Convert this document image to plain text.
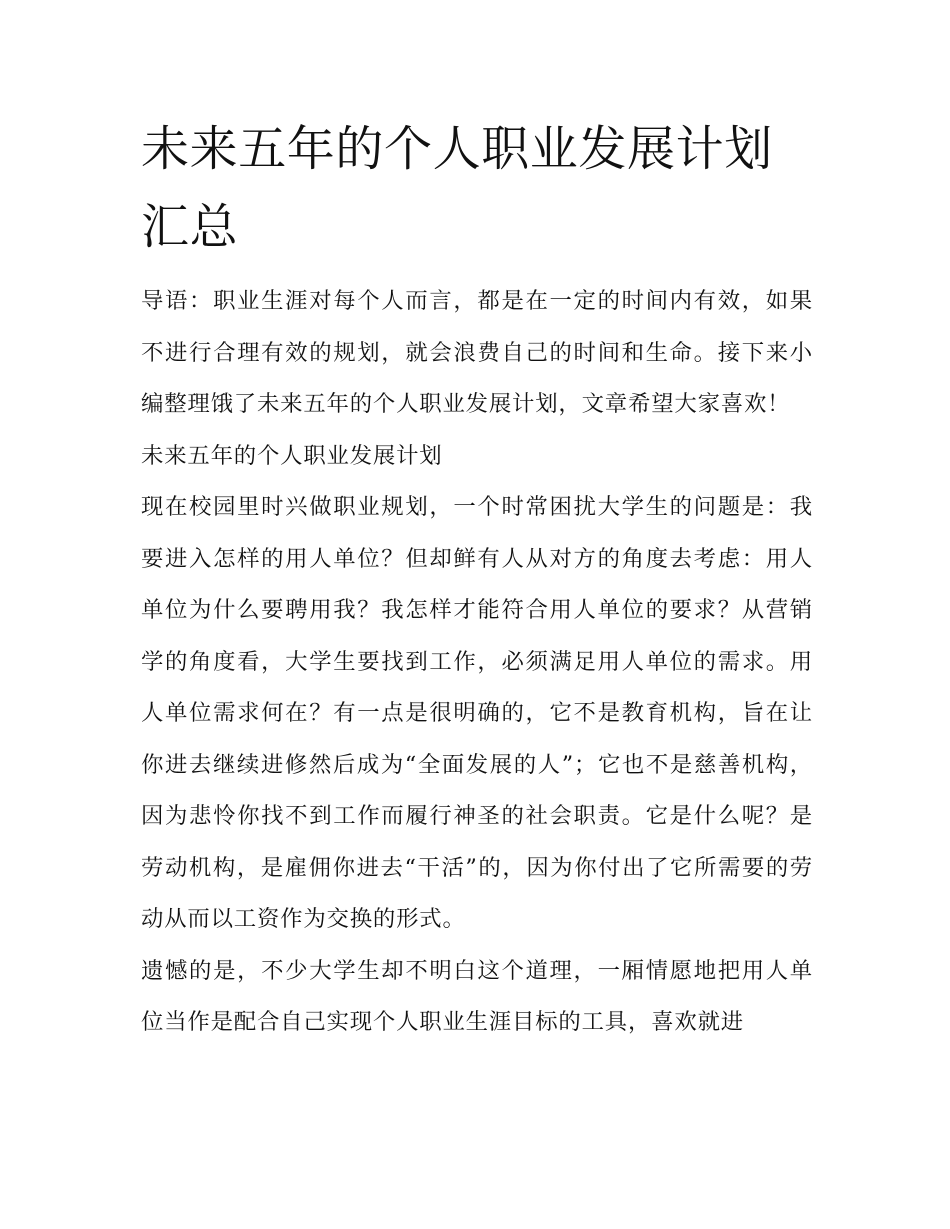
未来五年的个人职业发展计划汇总

导语：职业生涯对每个人而言，都是在一定的时间内有效，如果不进行合理有效的规划，就会浪费自己的时间和生命。接下来小编整理饿了未来五年的个人职业发展计划，文章希望大家喜欢！

未来五年的个人职业发展计划

现在校园里时兴做职业规划，一个时常困扰大学生的问题是：我要进入怎样的用人单位？但却鲜有人从对方的角度去考虑：用人单位为什么要聘用我？我怎样才能符合用人单位的要求？从营销学的角度看，大学生要找到工作，必须满足用人单位的需求。用人单位需求何在？有一点是很明确的，它不是教育机构，旨在让你进去继续进修然后成为“全面发展的人”；它也不是慈善机构，因为悲怜你找不到工作而履行神圣的社会职责。它是什么呢？是劳动机构，是雇佣你进去“干活”的，因为你付出了它所需要的劳动从而以工资作为交换的形式。

遗憾的是，不少大学生却不明白这个道理，一厢情愿地把用人单位当作是配合自己实现个人职业生涯目标的工具，喜欢就进
